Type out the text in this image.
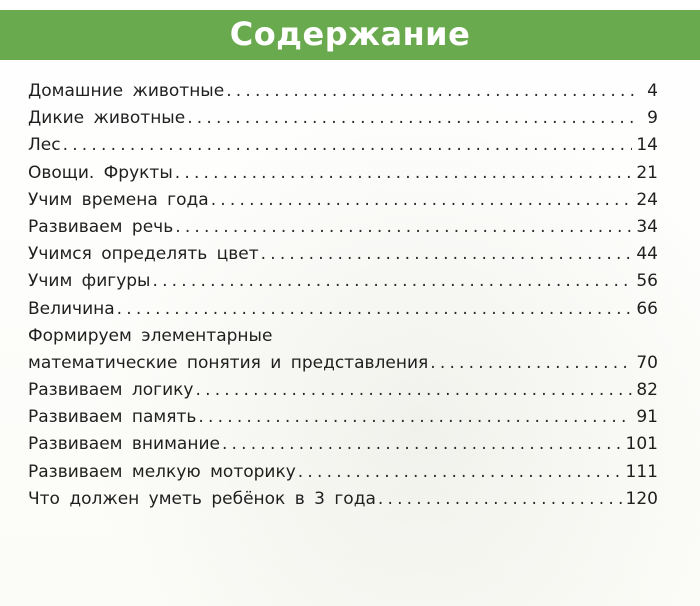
Содержание
Домашние животные .....	4
Дикие животные .....	9
Лес .....	14
Овощи. Фрукты .....	21
Учим времена года .....	24
Развиваем речь .....	34
Учимся определять цвет .....	44
Учим фигуры .....	56
Величина .....	66
Формируем элементарные
математические понятия и представления .....	70
Развиваем логику .....	82
Развиваем память .....	91
Развиваем внимание .....	101
Развиваем мелкую моторику .....	111
Что должен уметь ребёнок в 3 года .....	120
